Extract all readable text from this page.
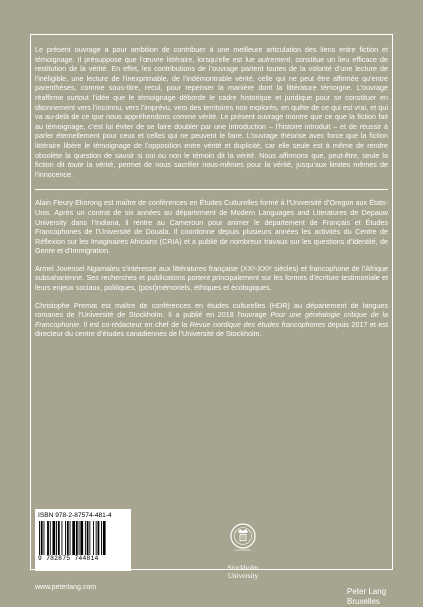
Le présent ouvrage a pour ambition de contribuer à une meilleure articulation des liens entre fiction et témoignage. Il présuppose que l’œuvre littéraire, lorsqu’elle est lue autrement, constitue un lieu efficace de restitution de la vérité. En effet, les contributions de l’ouvrage partent toutes de la volonté d’une lecture de l’inéligible, une lecture de l’inexprimable, de l’indémontrable vérité, celle qui ne peut être affirmée qu’entre parenthèses, comme sous-titre, recul, pour repenser la manière dont la littérature témoigne. L’ouvrage réaffirme surtout l’idée que le témoignage déborde le cadre historique et juridique pour se constituer en tâtonnement vers l’inconnu, vers l’imprévu, vers des territoires non explorés, en quête de ce qui est vrai, et qui va au-delà de ce que nous appréhendons comme vérité. Le présent ouvrage montre que ce que la fiction fait au témoignage, c’est lui éviter de se faire doubler par une introduction – l’histoire introduit – et de réussir à parler éternellement pour ceux et celles qui ne peuvent le faire. L’ouvrage théorise avec force que la fiction littéraire libère le témoignage de l’opposition entre vérité et duplicité, car elle seule est à même de rendre obsolète la question de savoir si oui ou non le témoin dit la vérité. Nous affirmons que, peut-être, seule la fiction dit toute la vérité, permet de nous sacrifier nous-mêmes pour la vérité, jusqu’aux limites mêmes de l’innocence.

Alain Fleury Ekorong est maître de conférences en Études Culturelles formé à l’Université d’Oregon aux États-Unis. Après un contrat de six années au département de Modern Languages and Literatures de Depauw University dans l’Indiana, il rentre au Cameroun pour animer le département de Français et Études Francophones de l’Université de Douala. Il coordonne depuis plusieurs années les activités du Centre de Réflexion sur les Imaginaires Africains (CRIA) et a publié de nombreux travaux sur les questions d’Identité, de Genre et d’Immigration.

Armel Jovensel Ngamaleu s’intéresse aux littératures française (XXᵉ-XXIᵉ siècles) et francophone de l’Afrique subsaharienne. Ses recherches et publications portent principalement sur les formes d’écriture testimoniale et leurs enjeux sociaux, politiques, (post)mémoriels, éthiques et écologiques.

Christophe Premat est maître de conférences en études culturelles (HDR) au département de langues romanes de l’Université de Stockholm. Il a publié en 2018 l’ouvrage Pour une généalogie critique de la Francophonie. Il est co-rédacteur en chef de la Revue nordique des études francophones depuis 2017 et est directeur du centre d’études canadiennes de l’Université de Stockholm.

ISBN 978-2-87574-481-4
9 782875 744814
www.peterlang.com
Stockholm
University
Peter Lang
Bruxelles
